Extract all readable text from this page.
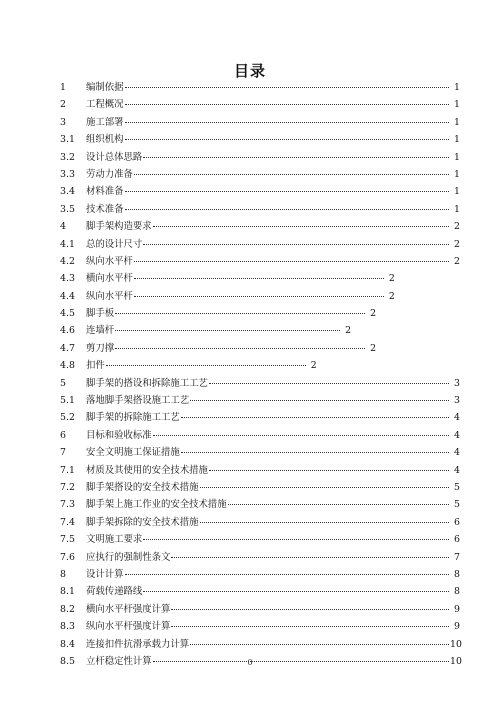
目录
1	编制依据	1
2	工程概况	1
3	施工部署	1
3.1	组织机构	1
3.2	设计总体思路	1
3.3	劳动力准备	1
3.4	材料准备	1
3.5	技术准备	1
4	脚手架构造要求	2
4.1	总的设计尺寸	2
4.2	纵向水平杆	2
4.3	横向水平杆	2
4.4	纵向水平杆	2
4.5	脚手板	2
4.6	连墙杆	2
4.7	剪刀撑	2
4.8	扣件	2
5	脚手架的搭设和拆除施工工艺	3
5.1	落地脚手架搭设施工工艺	3
5.2	脚手架的拆除施工工艺	4
6	目标和验收标准	4
7	安全文明施工保证措施	4
7.1	材质及其使用的安全技术措施	4
7.2	脚手架搭设的安全技术措施	5
7.3	脚手架上施工作业的安全技术措施	5
7.4	脚手架拆除的安全技术措施	6
7.5	文明施工要求	6
7.6	应执行的强制性条文	7
8	设计计算	8
8.1	荷载传递路线	8
8.2	横向水平杆强度计算	9
8.3	纵向水平杆强度计算	9
8.4	连接扣件抗滑承载力计算	10
8.5	立杆稳定性计算	10
0
